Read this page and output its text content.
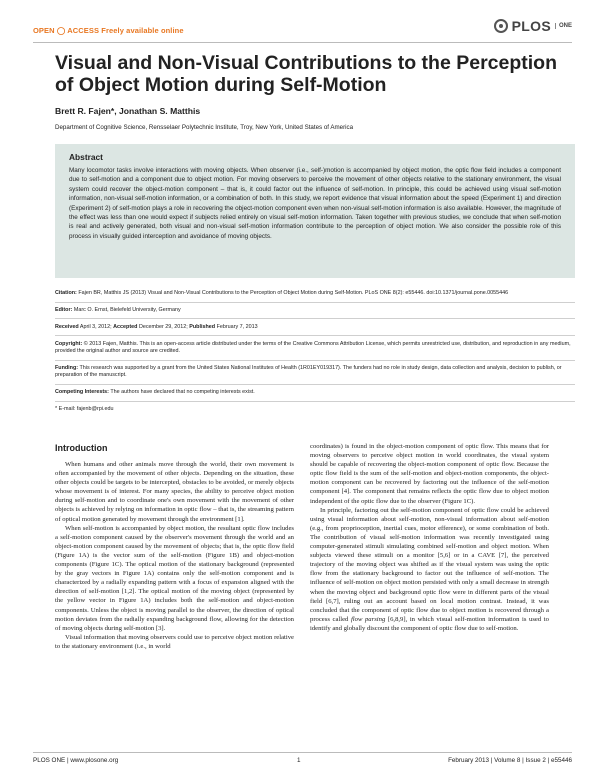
OPEN ◯ ACCESS Freely available online	PLOS	ONE
Visual and Non-Visual Contributions to the Perception of Object Motion during Self-Motion
Brett R. Fajen*, Jonathan S. Matthis
Department of Cognitive Science, Rensselaer Polytechnic Institute, Troy, New York, United States of America
Abstract

Many locomotor tasks involve interactions with moving objects. When observer (i.e., self-)motion is accompanied by object motion, the optic flow field includes a component due to self-motion and a component due to object motion. For moving observers to perceive the movement of other objects relative to the stationary environment, the visual system could recover the object-motion component – that is, it could factor out the influence of self-motion. In principle, this could be achieved using visual self-motion information, non-visual self-motion information, or a combination of both. In this study, we report evidence that visual information about the speed (Experiment 1) and direction (Experiment 2) of self-motion plays a role in recovering the object-motion component even when non-visual self-motion information is also available. However, the magnitude of the effect was less than one would expect if subjects relied entirely on visual self-motion information. Taken together with previous studies, we conclude that when self-motion is real and actively generated, both visual and non-visual self-motion information contribute to the perception of object motion. We also consider the possible role of this process in visually guided interception and avoidance of moving objects.

Citation: Fajen BR, Matthis JS (2013) Visual and Non-Visual Contributions to the Perception of Object Motion during Self-Motion. PLoS ONE 8(2): e55446. doi:10.1371/journal.pone.0055446

Editor: Marc O. Ernst, Bielefeld University, Germany

Received April 3, 2012; Accepted December 29, 2012; Published February 7, 2013

Copyright: © 2013 Fajen, Matthis. This is an open-access article distributed under the terms of the Creative Commons Attribution License, which permits unrestricted use, distribution, and reproduction in any medium, provided the original author and source are credited.

Funding: This research was supported by a grant from the United States National Institutes of Health (1R01EY019317). The funders had no role in study design, data collection and analysis, decision to publish, or preparation of the manuscript.

Competing Interests: The authors have declared that no competing interests exist.

* E-mail: fajenb@rpi.edu

Introduction

When humans and other animals move through the world, their own movement is often accompanied by the movement of other objects. Depending on the situation, these other objects could be targets to be intercepted, obstacles to be avoided, or merely objects whose movement is of interest. For many species, the ability to perceive object motion during self-motion and to coordinate one's own movement with the movement of other objects is achieved by relying on information in optic flow – that is, the streaming pattern of optical motion generated by movement through the environment [1].

When self-motion is accompanied by object motion, the resultant optic flow includes a self-motion component caused by the observer's movement through the world and an object-motion component caused by the movement of objects; that is, the optic flow field (Figure 1A) is the vector sum of the self-motion (Figure 1B) and object-motion components (Figure 1C). The optical motion of the stationary background (represented by the gray vectors in Figure 1A) contains only the self-motion component and is characterized by a radially expanding pattern with a focus of expansion aligned with the direction of self-motion [1,2]. The optical motion of the moving object (represented by the yellow vector in Figure 1A) includes both the self-motion and object-motion components. Unless the object is moving parallel to the observer, the direction of optical motion deviates from the radially expanding background flow, allowing for the detection of moving objects during self-motion [3].

Visual information that moving observers could use to perceive object motion relative to the stationary environment (i.e., in world

coordinates) is found in the object-motion component of optic flow. This means that for moving observers to perceive object motion in world coordinates, the visual system should be capable of recovering the object-motion component of optic flow. Because the optic flow field is the sum of the self-motion and object-motion components, the object-motion component can be recovered by factoring out the influence of the self-motion component [4]. The component that remains reflects the optic flow due to object motion independent of the optic flow due to the observer (Figure 1C).

In principle, factoring out the self-motion component of optic flow could be achieved using visual information about self-motion, non-visual information about self-motion (e.g., from proprioception, inertial cues, motor efference), or some combination of both. The contribution of visual self-motion information was recently investigated using computer-generated stimuli simulating combined self-motion and object motion. When subjects viewed these stimuli on a monitor [5,6] or in a CAVE [7], the perceived trajectory of the moving object was shifted as if the visual system was using the optic flow from the stationary background to factor out the influence of self-motion. The influence of self-motion on object motion persisted with only a small decrease in strength when the moving object and background optic flow were in different parts of the visual field [6,7], ruling out an account based on local motion contrast. Instead, it was concluded that the component of optic flow due to object motion is recovered through a process called flow parsing [6,8,9], in which visual self-motion information is used to identify and globally discount the component of optic flow due to self-motion.

PLOS ONE | www.plosone.org	1	February 2013 | Volume 8 | Issue 2 | e55446
